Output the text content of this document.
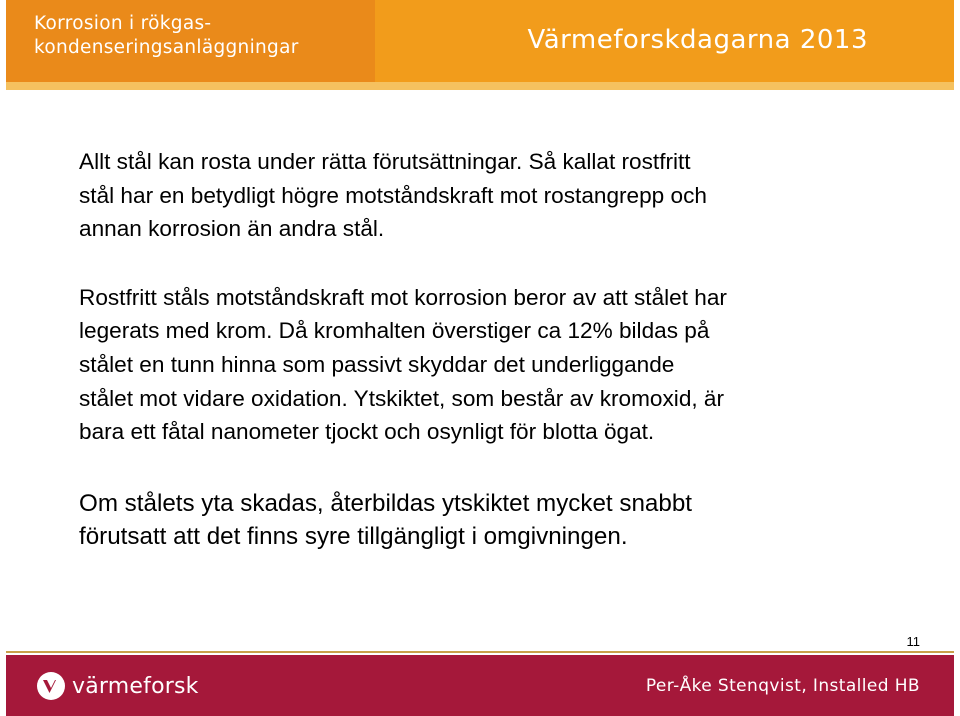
Korrosion i rökgas-
kondenseringsanläggningar	Värmeforskdagarna 2013

Allt stål kan rosta under rätta förutsättningar. Så kallat rostfritt
stål har en betydligt högre motståndskraft mot rostangrepp och
annan korrosion än andra stål.

Rostfritt ståls motståndskraft mot korrosion beror av att stålet har
legerats med krom. Då kromhalten överstiger ca 12% bildas på
stålet en tunn hinna som passivt skyddar det underliggande
stålet mot vidare oxidation. Ytskiktet, som består av kromoxid, är
bara ett fåtal nanometer tjockt och osynligt för blotta ögat.

Om stålets yta skadas, återbildas ytskiktet mycket snabbt
förutsatt att det finns syre tillgängligt i omgivningen.

11
värmeforsk	Per-Åke Stenqvist, Installed HB
